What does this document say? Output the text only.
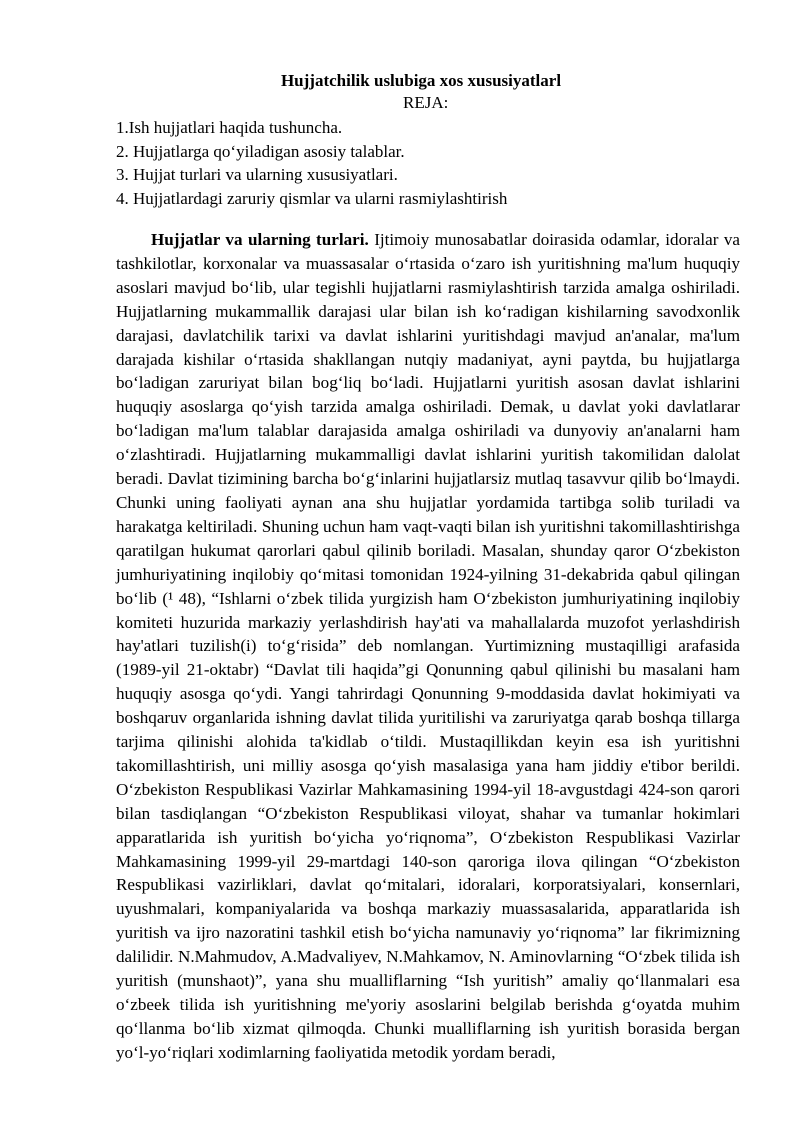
Hujjatchilik uslubiga xos xususiyatlarl
REJA:
1.Ish hujjatlari haqida tushuncha.
2. Hujjatlarga qo‘yiladigan asosiy talablar.
3. Hujjat turlari va ularning xususiyatlari.
4. Hujjatlardagi zaruriy qismlar va ularni rasmiylashtirish

Hujjatlar va ularning turlari. Ijtimoiy munosabatlar doirasida odamlar, idoralar va tashkilotlar, korxonalar va muassasalar o‘rtasida o‘zaro ish yuritishning ma'lum huquqiy asoslari mavjud bo‘lib, ular tegishli hujjatlarni rasmiylashtirish tarzida amalga oshiriladi. Hujjatlarning mukammallik darajasi ular bilan ish ko‘radigan kishilarning savodxonlik darajasi, davlatchilik tarixi va davlat ishlarini yuritishdagi mavjud an'analar, ma'lum darajada kishilar o‘rtasida shakllangan nutqiy madaniyat, ayni paytda, bu hujjatlarga bo‘ladigan zaruriyat bilan bog‘liq bo‘ladi. Hujjatlarni yuritish asosan davlat ishlarini huquqiy asoslarga qo‘yish tarzida amalga oshiriladi. Demak, u davlat yoki davlatlarar bo‘ladigan ma'lum talablar darajasida amalga oshiriladi va dunyoviy an'analarni ham o‘zlashtiradi. Hujjatlarning mukammalligi davlat ishlarini yuritish takomilidan dalolat beradi. Davlat tizimining barcha bo‘g‘inlarini hujjatlarsiz mutlaq tasavvur qilib bo‘lmaydi. Chunki uning faoliyati aynan ana shu hujjatlar yordamida tartibga solib turiladi va harakatga keltiriladi. Shuning uchun ham vaqt-vaqti bilan ish yuritishni takomillashtirishga qaratilgan hukumat qarorlari qabul qilinib boriladi. Masalan, shunday qaror O‘zbekiston jumhuriyatining inqilobiy qo‘mitasi tomonidan 1924-yilning 31-dekabrida qabul qilingan bo‘lib (¹ 48), “Ishlarni o‘zbek tilida yurgizish ham O‘zbekiston jumhuriyatining inqilobiy komiteti huzurida markaziy yerlashdirish hay'ati va mahallalarda muzofot yerlashdirish hay'atlari tuzilish(i) to‘g‘risida” deb nomlangan. Yurtimizning mustaqilligi arafasida (1989-yil 21-oktabr) “Davlat tili haqida”gi Qonunning qabul qilinishi bu masalani ham huquqiy asosga qo‘ydi. Yangi tahrirdagi Qonunning 9-moddasida davlat hokimiyati va boshqaruv organlarida ishning davlat tilida yuritilishi va zaruriyatga qarab boshqa tillarga tarjima qilinishi alohida ta'kidlab o‘tildi. Mustaqillikdan keyin esa ish yuritishni takomillashtirish, uni milliy asosga qo‘yish masalasiga yana ham jiddiy e'tibor berildi. O‘zbekiston Respublikasi Vazirlar Mahkamasining 1994-yil 18-avgustdagi 424-son qarori bilan tasdiqlangan “O‘zbekiston Respublikasi viloyat, shahar va tumanlar hokimlari apparatlarida ish yuritish bo‘yicha yo‘riqnoma”, O‘zbekiston Respublikasi Vazirlar Mahkamasining 1999-yil 29-martdagi 140-son qaroriga ilova qilingan “O‘zbekiston Respublikasi vazirliklari, davlat qo‘mitalari, idoralari, korporatsiyalari, konsernlari, uyushmalari, kompaniyalarida va boshqa markaziy muassasalarida, apparatlarida ish yuritish va ijro nazoratini tashkil etish bo‘yicha namunaviy yo‘riqnoma” lar fikrimizning dalilidir. N.Mahmudov, A.Madvaliyev, N.Mahkamov, N. Aminovlarning “O‘zbek tilida ish yuritish (munshaot)”, yana shu mualliflarning “Ish yuritish” amaliy qo‘llanmalari esa o‘zbeek tilida ish yuritishning me'yoriy asoslarini belgilab berishda g‘oyatda muhim qo‘llanma bo‘lib xizmat qilmoqda. Chunki mualliflarning ish yuritish borasida bergan yo‘l-yo‘riqlari xodimlarning faoliyatida metodik yordam beradi,
